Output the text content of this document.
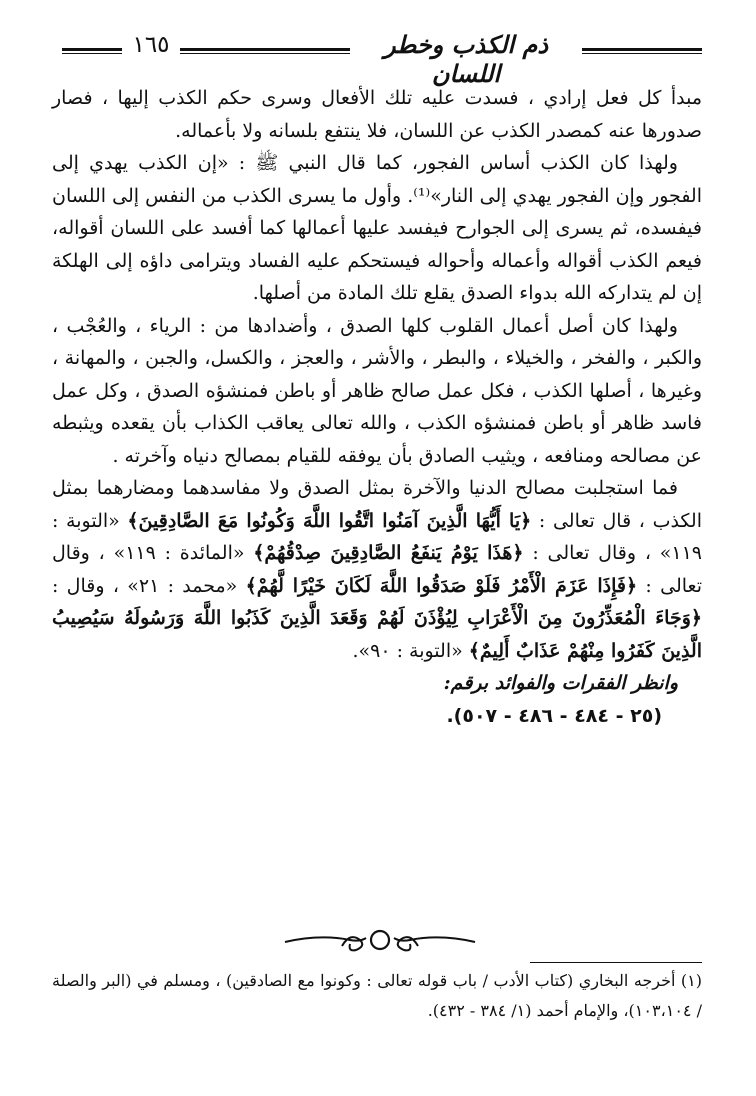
١٦٥	ذم الكذب وخطر اللسان

مبدأ كل فعل إرادي ، فسدت عليه تلك الأفعال وسرى حكم الكذب إليها ، فصار صدورها عنه كمصدر الكذب عن اللسان، فلا ينتفع بلسانه ولا بأعماله.

ولهذا كان الكذب أساس الفجور، كما قال النبي ﷺ : «إن الكذب يهدي إلى الفجور وإن الفجور يهدي إلى النار»⁽¹⁾. وأول ما يسرى الكذب من النفس إلى اللسان فيفسده، ثم يسرى إلى الجوارح فيفسد عليها أعمالها كما أفسد على اللسان أقواله، فيعم الكذب أقواله وأعماله وأحواله فيستحكم عليه الفساد ويترامى داؤه إلى الهلكة إن لم يتداركه الله بدواء الصدق يقلع تلك المادة من أصلها.

ولهذا كان أصل أعمال القلوب كلها الصدق ، وأضدادها من : الرياء ، والعُجْب ، والكبر ، والفخر ، والخيلاء ، والبطر ، والأشر ، والعجز ، والكسل، والجبن ، والمهانة ، وغيرها ، أصلها الكذب ، فكل عمل صالح ظاهر أو باطن فمنشؤه الصدق ، وكل عمل فاسد ظاهر أو باطن فمنشؤه الكذب ، والله تعالى يعاقب الكذاب بأن يقعده ويثبطه عن مصالحه ومنافعه ، ويثيب الصادق بأن يوفقه للقيام بمصالح دنياه وآخرته .

فما استجلبت مصالح الدنيا والآخرة بمثل الصدق ولا مفاسدهما ومضارهما بمثل الكذب ، قال تعالى : ﴿يَا أَيُّهَا الَّذِينَ آمَنُوا اتَّقُوا اللَّهَ وَكُونُوا مَعَ الصَّادِقِينَ﴾ «التوبة : ١١٩» ، وقال تعالى : ﴿هَذَا يَوْمُ يَنفَعُ الصَّادِقِينَ صِدْقُهُمْ﴾ «المائدة : ١١٩» ، وقال تعالى : ﴿فَإِذَا عَزَمَ الْأَمْرُ فَلَوْ صَدَقُوا اللَّهَ لَكَانَ خَيْرًا لَّهُمْ﴾ «محمد : ٢١» ، وقال : ﴿وَجَاءَ الْمُعَذِّرُونَ مِنَ الْأَعْرَابِ لِيُؤْذَنَ لَهُمْ وَقَعَدَ الَّذِينَ كَذَبُوا اللَّهَ وَرَسُولَهُ سَيُصِيبُ الَّذِينَ كَفَرُوا مِنْهُمْ عَذَابٌ أَلِيمٌ﴾ «التوبة : ٩٠».

وانظر الفقرات والفوائد برقم:

(٢٥ - ٤٨٤ - ٤٨٦ - ٥٠٧).

(١) أخرجه البخاري (كتاب الأدب / باب قوله تعالى : وكونوا مع الصادقين) ، ومسلم في (البر والصلة / ١٠٣،١٠٤)، والإمام أحمد (١/ ٣٨٤ - ٤٣٢).
